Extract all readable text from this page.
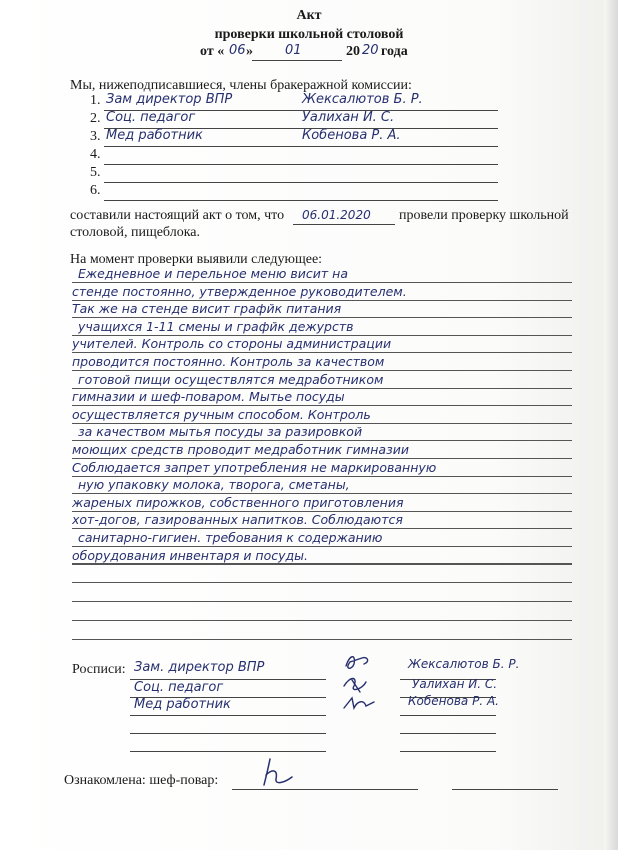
Акт
проверки школьной столовой
от « 06 » 01	20 20 года
Мы, нижеподписавшиеся, члены бракеражной комиссии:
1. Зам директор ВПР	Жексалютов Б. Р.
2. Соц. педагог	Уалихан И. С.
3. Мед работник	Кобенова Р. А.
4.
5.
6.
составили настоящий акт о том, что 06.01.2020 провели проверку школьной
столовой, пищеблока.
На момент проверки выявили следующее:
Ежедневное и перельное меню висит на
стенде постоянно, утвержденное руководителем.
Так же на стенде висит графйк питания
учащихся 1-11 смены и графйк дежурств
учителей. Контроль со стороны администрации
проводится постоянно. Контроль за качеством
готовой пищи осуществлятся медработником
гимназии и шеф-поваром. Мытье посуды
осуществляется ручным способом. Контроль
за качеством мытья посуды за разировкой
моющих средств проводит медработник гимназии
Соблюдается запрет употребления не маркированную
ную упаковку молока, творога, сметаны,
жареных пирожков, собственного приготовления
хот-догов, газированных напитков. Соблюдаются
санитарно-гигиен. требования к содержанию
оборудования инвентаря и посуды.
Росписи: Зам. директор ВПР	Жексалютов Б. Р.
Соц. педагог	Уалихан И. С.
Мед работник	Кобенова Р. А.
Ознакомлена: шеф-повар:
